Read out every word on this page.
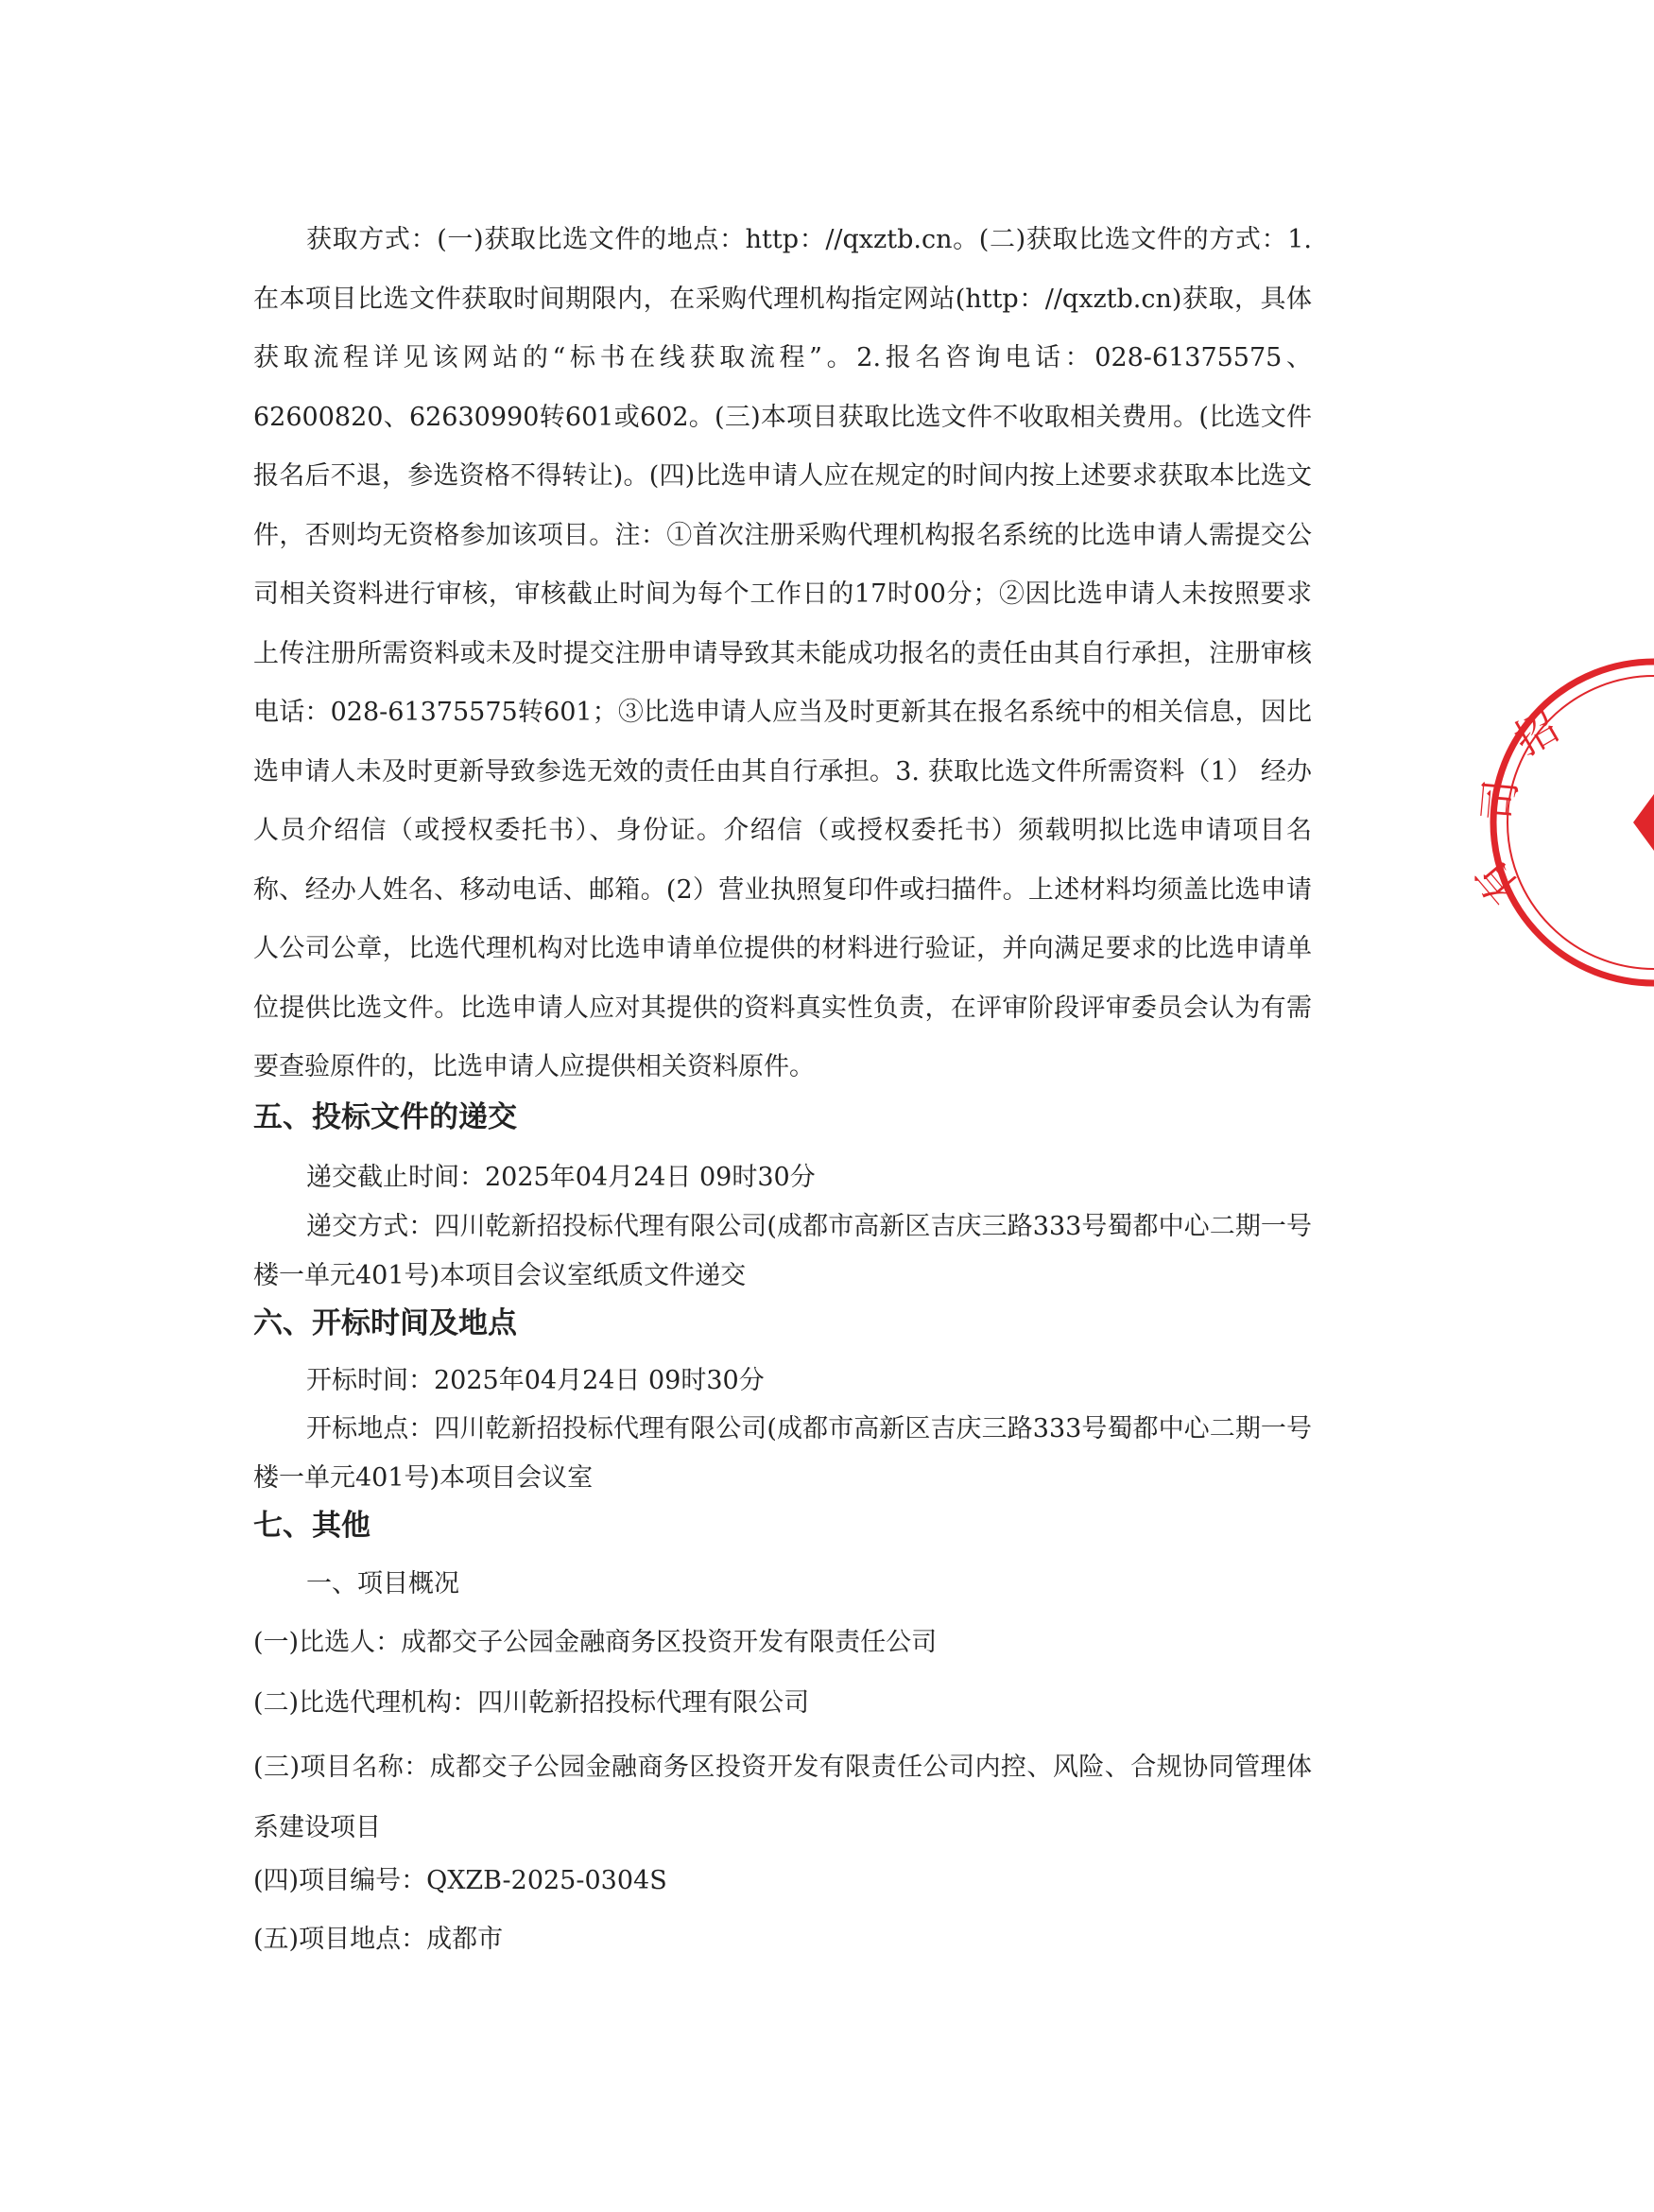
获取方式：(一)获取比选文件的地点：http：//qxztb.cn。(二)获取比选文件的方式：1.在本项目比选文件获取时间期限内，在采购代理机构指定网站(http：//qxztb.cn)获取，具体获取流程详见该网站的“标书在线获取流程”。2.报名咨询电话：028-61375575、62600820、62630990转601或602。(三)本项目获取比选文件不收取相关费用。(比选文件报名后不退，参选资格不得转让)。(四)比选申请人应在规定的时间内按上述要求获取本比选文件，否则均无资格参加该项目。注：①首次注册采购代理机构报名系统的比选申请人需提交公司相关资料进行审核，审核截止时间为每个工作日的17时00分；②因比选申请人未按照要求上传注册所需资料或未及时提交注册申请导致其未能成功报名的责任由其自行承担，注册审核电话：028-61375575转601；③比选申请人应当及时更新其在报名系统中的相关信息，因比选申请人未及时更新导致参选无效的责任由其自行承担。3. 获取比选文件所需资料（1） 经办人员介绍信（或授权委托书）、身份证。介绍信（或授权委托书）须载明拟比选申请项目名称、经办人姓名、移动电话、邮箱。(2）营业执照复印件或扫描件。上述材料均须盖比选申请人公司公章，比选代理机构对比选申请单位提供的材料进行验证，并向满足要求的比选申请单位提供比选文件。比选申请人应对其提供的资料真实性负责，在评审阶段评审委员会认为有需要查验原件的，比选申请人应提供相关资料原件。
五、投标文件的递交
递交截止时间：2025年04月24日 09时30分
递交方式：四川乾新招投标代理有限公司(成都市高新区吉庆三路333号蜀都中心二期一号楼一单元401号)本项目会议室纸质文件递交
六、开标时间及地点
开标时间：2025年04月24日 09时30分
开标地点：四川乾新招投标代理有限公司(成都市高新区吉庆三路333号蜀都中心二期一号楼一单元401号)本项目会议室
七、其他
一、项目概况
(一)比选人：成都交子公园金融商务区投资开发有限责任公司
(二)比选代理机构：四川乾新招投标代理有限公司
(三)项目名称：成都交子公园金融商务区投资开发有限责任公司内控、风险、合规协同管理体系建设项目
(四)项目编号：QXZB-2025-0304S
(五)项目地点：成都市
招
司
有
